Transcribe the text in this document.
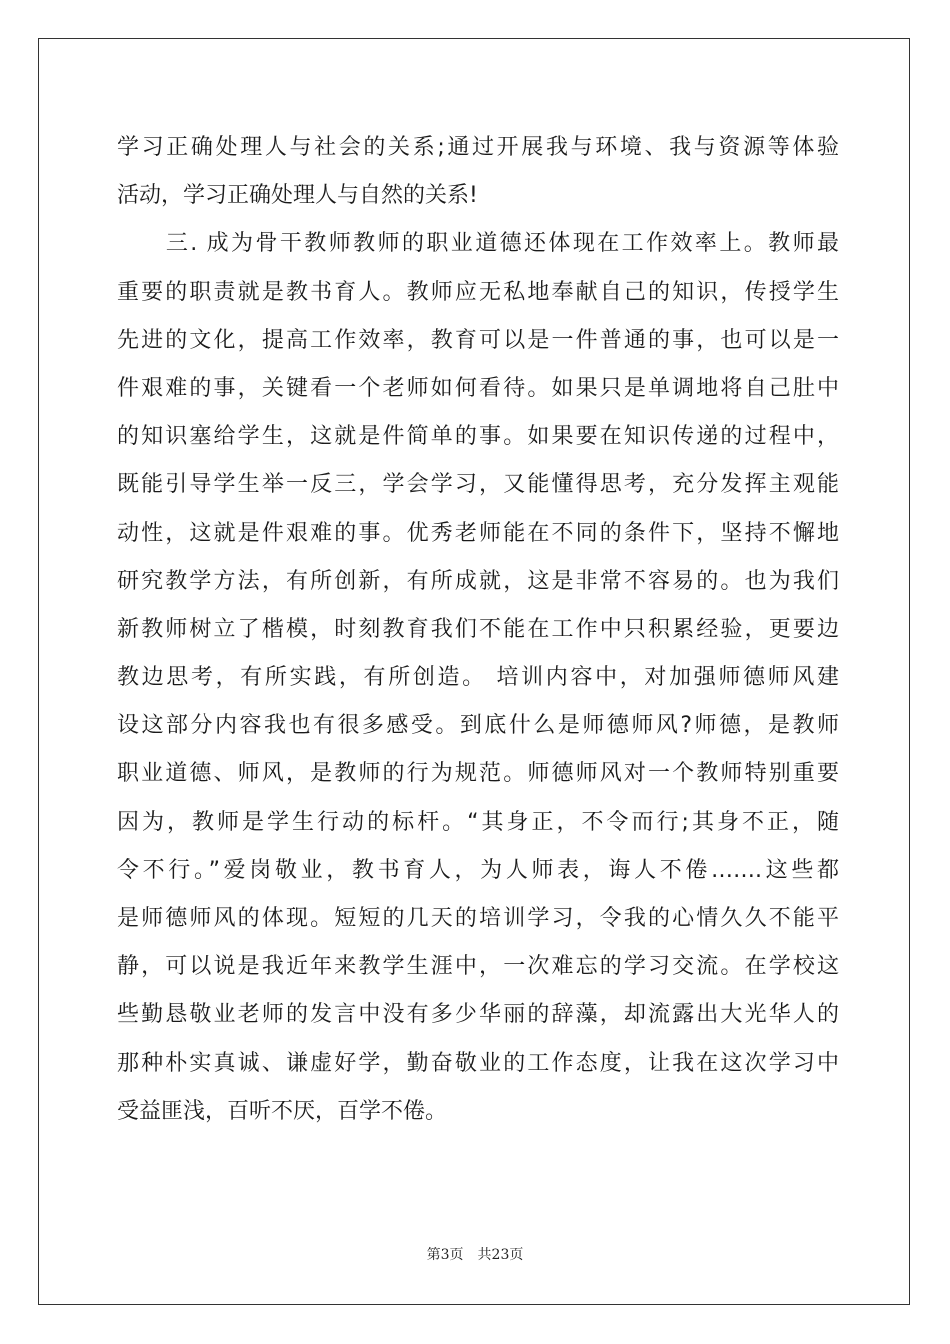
学习正确处理人与社会的关系;通过开展我与环境、我与资源等体验
活动，学习正确处理人与自然的关系!
　　三. 成为骨干教师教师的职业道德还体现在工作效率上。教师最
重要的职责就是教书育人。教师应无私地奉献自己的知识，传授学生
先进的文化，提高工作效率，教育可以是一件普通的事，也可以是一
件艰难的事，关键看一个老师如何看待。如果只是单调地将自己肚中
的知识塞给学生，这就是件简单的事。如果要在知识传递的过程中，
既能引导学生举一反三，学会学习，又能懂得思考，充分发挥主观能
动性，这就是件艰难的事。优秀老师能在不同的条件下，坚持不懈地
研究教学方法，有所创新，有所成就，这是非常不容易的。也为我们
新教师树立了楷模，时刻教育我们不能在工作中只积累经验，更要边
教边思考，有所实践，有所创造。 培训内容中，对加强师德师风建
设这部分内容我也有很多感受。到底什么是师德师风?师德，是教师
职业道德、师风，是教师的行为规范。师德师风对一个教师特别重要
因为，教师是学生行动的标杆。“其身正，不令而行;其身不正，随
令不行。”爱岗敬业，教书育人，为人师表，诲人不倦…….这些都
是师德师风的体现。短短的几天的培训学习，令我的心情久久不能平
静，可以说是我近年来教学生涯中，一次难忘的学习交流。在学校这
些勤恳敬业老师的发言中没有多少华丽的辞藻，却流露出大光华人的
那种朴实真诚、谦虚好学，勤奋敬业的工作态度，让我在这次学习中
受益匪浅，百听不厌，百学不倦。
第3页 共23页
